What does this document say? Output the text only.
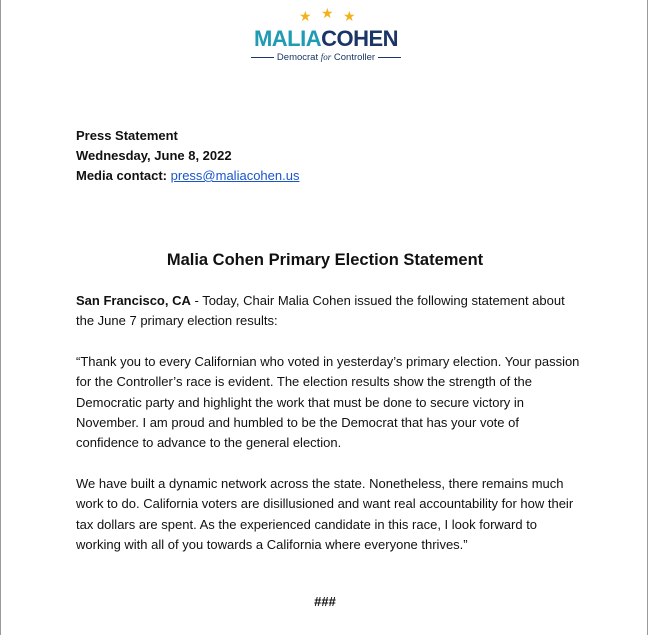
★ ★ ★
MALIACOHEN
Democrat for Controller
Press Statement
Wednesday, June 8, 2022
Media contact: press@maliacohen.us
Malia Cohen Primary Election Statement
San Francisco, CA - Today, Chair Malia Cohen issued the following statement about
the June 7 primary election results:
“Thank you to every Californian who voted in yesterday’s primary election. Your passion
for the Controller’s race is evident. The election results show the strength of the
Democratic party and highlight the work that must be done to secure victory in
November. I am proud and humbled to be the Democrat that has your vote of
confidence to advance to the general election.
We have built a dynamic network across the state. Nonetheless, there remains much
work to do. California voters are disillusioned and want real accountability for how their
tax dollars are spent. As the experienced candidate in this race, I look forward to
working with all of you towards a California where everyone thrives.”
###
